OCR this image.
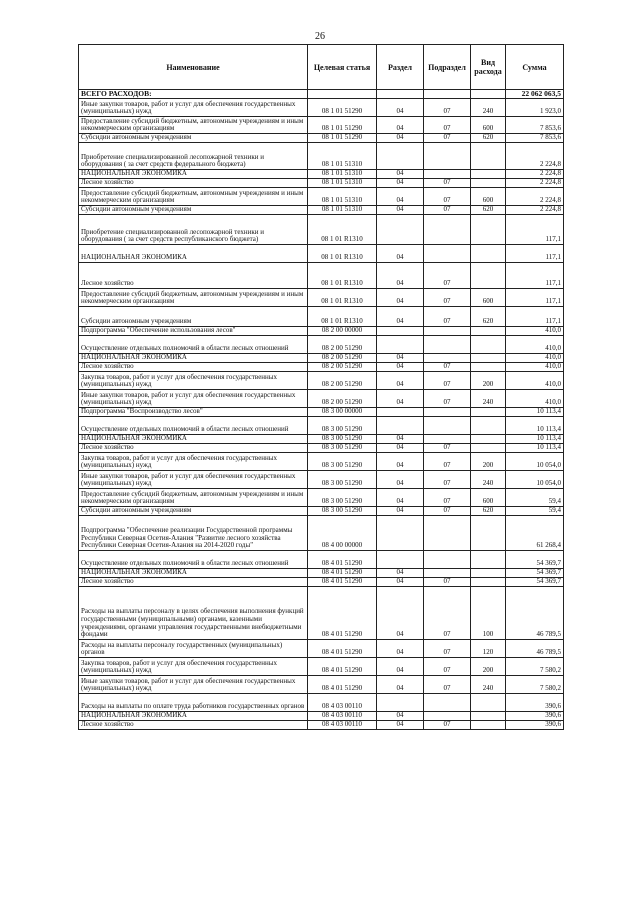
26
Наименование	Целевая статья	Раздел	Подраздел	Вид расхода	Сумма
ВСЕГО РАСХОДОВ:					22 062 063,5
Иные закупки товаров, работ и услуг для обеспечения государственных (муниципальных) нужд	08 1 01 51290	04	07	240	1 923,0
Предоставление субсидий бюджетным, автономным учреждениям и иным некоммерческим организациям	08 1 01 51290	04	07	600	7 853,6
Субсидии автономным учреждениям	08 1 01 51290	04	07	620	7 853,6
Приобретение специализированной лесопожарной техники и оборудования ( за счет средств федерального бюджета)	08 1 01 51310				2 224,8
НАЦИОНАЛЬНАЯ ЭКОНОМИКА	08 1 01 51310	04			2 224,8
Лесное хозяйство	08 1 01 51310	04	07		2 224,8
Предоставление субсидий бюджетным, автономным учреждениям и иным некоммерческим организациям	08 1 01 51310	04	07	600	2 224,8
Субсидии автономным учреждениям	08 1 01 51310	04	07	620	2 224,8
Приобретение специализированной лесопожарной техники и оборудования ( за счет средств республиканского бюджета)	08 1 01 R1310				117,1
НАЦИОНАЛЬНАЯ ЭКОНОМИКА	08 1 01 R1310	04			117,1
Лесное хозяйство	08 1 01 R1310	04	07		117,1
Предоставление субсидий бюджетным, автономным учреждениям и иным некоммерческим организациям	08 1 01 R1310	04	07	600	117,1
Субсидии автономным учреждениям	08 1 01 R1310	04	07	620	117,1
Подпрограмма "Обеспечение использования лесов"	08 2 00 00000				410,0
Осуществление отдельных полномочий в области лесных отношений	08 2 00 51290				410,0
НАЦИОНАЛЬНАЯ ЭКОНОМИКА	08 2 00 51290	04			410,0
Лесное хозяйство	08 2 00 51290	04	07		410,0
Закупка товаров, работ и услуг для обеспечения государственных (муниципальных) нужд	08 2 00 51290	04	07	200	410,0
Иные закупки товаров, работ и услуг для обеспечения государственных (муниципальных) нужд	08 2 00 51290	04	07	240	410,0
Подпрограмма "Воспроизводство лесов"	08 3 00 00000				10 113,4
Осуществление отдельных полномочий в области лесных отношений	08 3 00 51290				10 113,4
НАЦИОНАЛЬНАЯ ЭКОНОМИКА	08 3 00 51290	04			10 113,4
Лесное хозяйство	08 3 00 51290	04	07		10 113,4
Закупка товаров, работ и услуг для обеспечения государственных (муниципальных) нужд	08 3 00 51290	04	07	200	10 054,0
Иные закупки товаров, работ и услуг для обеспечения государственных (муниципальных) нужд	08 3 00 51290	04	07	240	10 054,0
Предоставление субсидий бюджетным, автономным учреждениям и иным некоммерческим организациям	08 3 00 51290	04	07	600	59,4
Субсидии автономным учреждениям	08 3 00 51290	04	07	620	59,4
Подпрограмма "Обеспечение реализации Государственной программы Республики Северная Осетия-Алания "Развитие лесного хозяйства Республики Северная Осетия-Алания на 2014-2020 годы"	08 4 00 00000				61 268,4
Осуществление отдельных полномочий в области лесных отношений	08 4 01 51290				54 369,7
НАЦИОНАЛЬНАЯ ЭКОНОМИКА	08 4 01 51290	04			54 369,7
Лесное хозяйство	08 4 01 51290	04	07		54 369,7
Расходы на выплаты персоналу в целях обеспечения выполнения функций государственными (муниципальными) органами, казенными учреждениями, органами управления государственными внебюджетными фондами	08 4 01 51290	04	07	100	46 789,5
Расходы на выплаты персоналу государственных (муниципальных) органов	08 4 01 51290	04	07	120	46 789,5
Закупка товаров, работ и услуг для обеспечения государственных (муниципальных) нужд	08 4 01 51290	04	07	200	7 580,2
Иные закупки товаров, работ и услуг для обеспечения государственных (муниципальных) нужд	08 4 01 51290	04	07	240	7 580,2
Расходы на выплаты по оплате труда работников государственных органов	08 4 03 00110				390,6
НАЦИОНАЛЬНАЯ ЭКОНОМИКА	08 4 03 00110	04			390,6
Лесное хозяйство	08 4 03 00110	04	07		390,6
